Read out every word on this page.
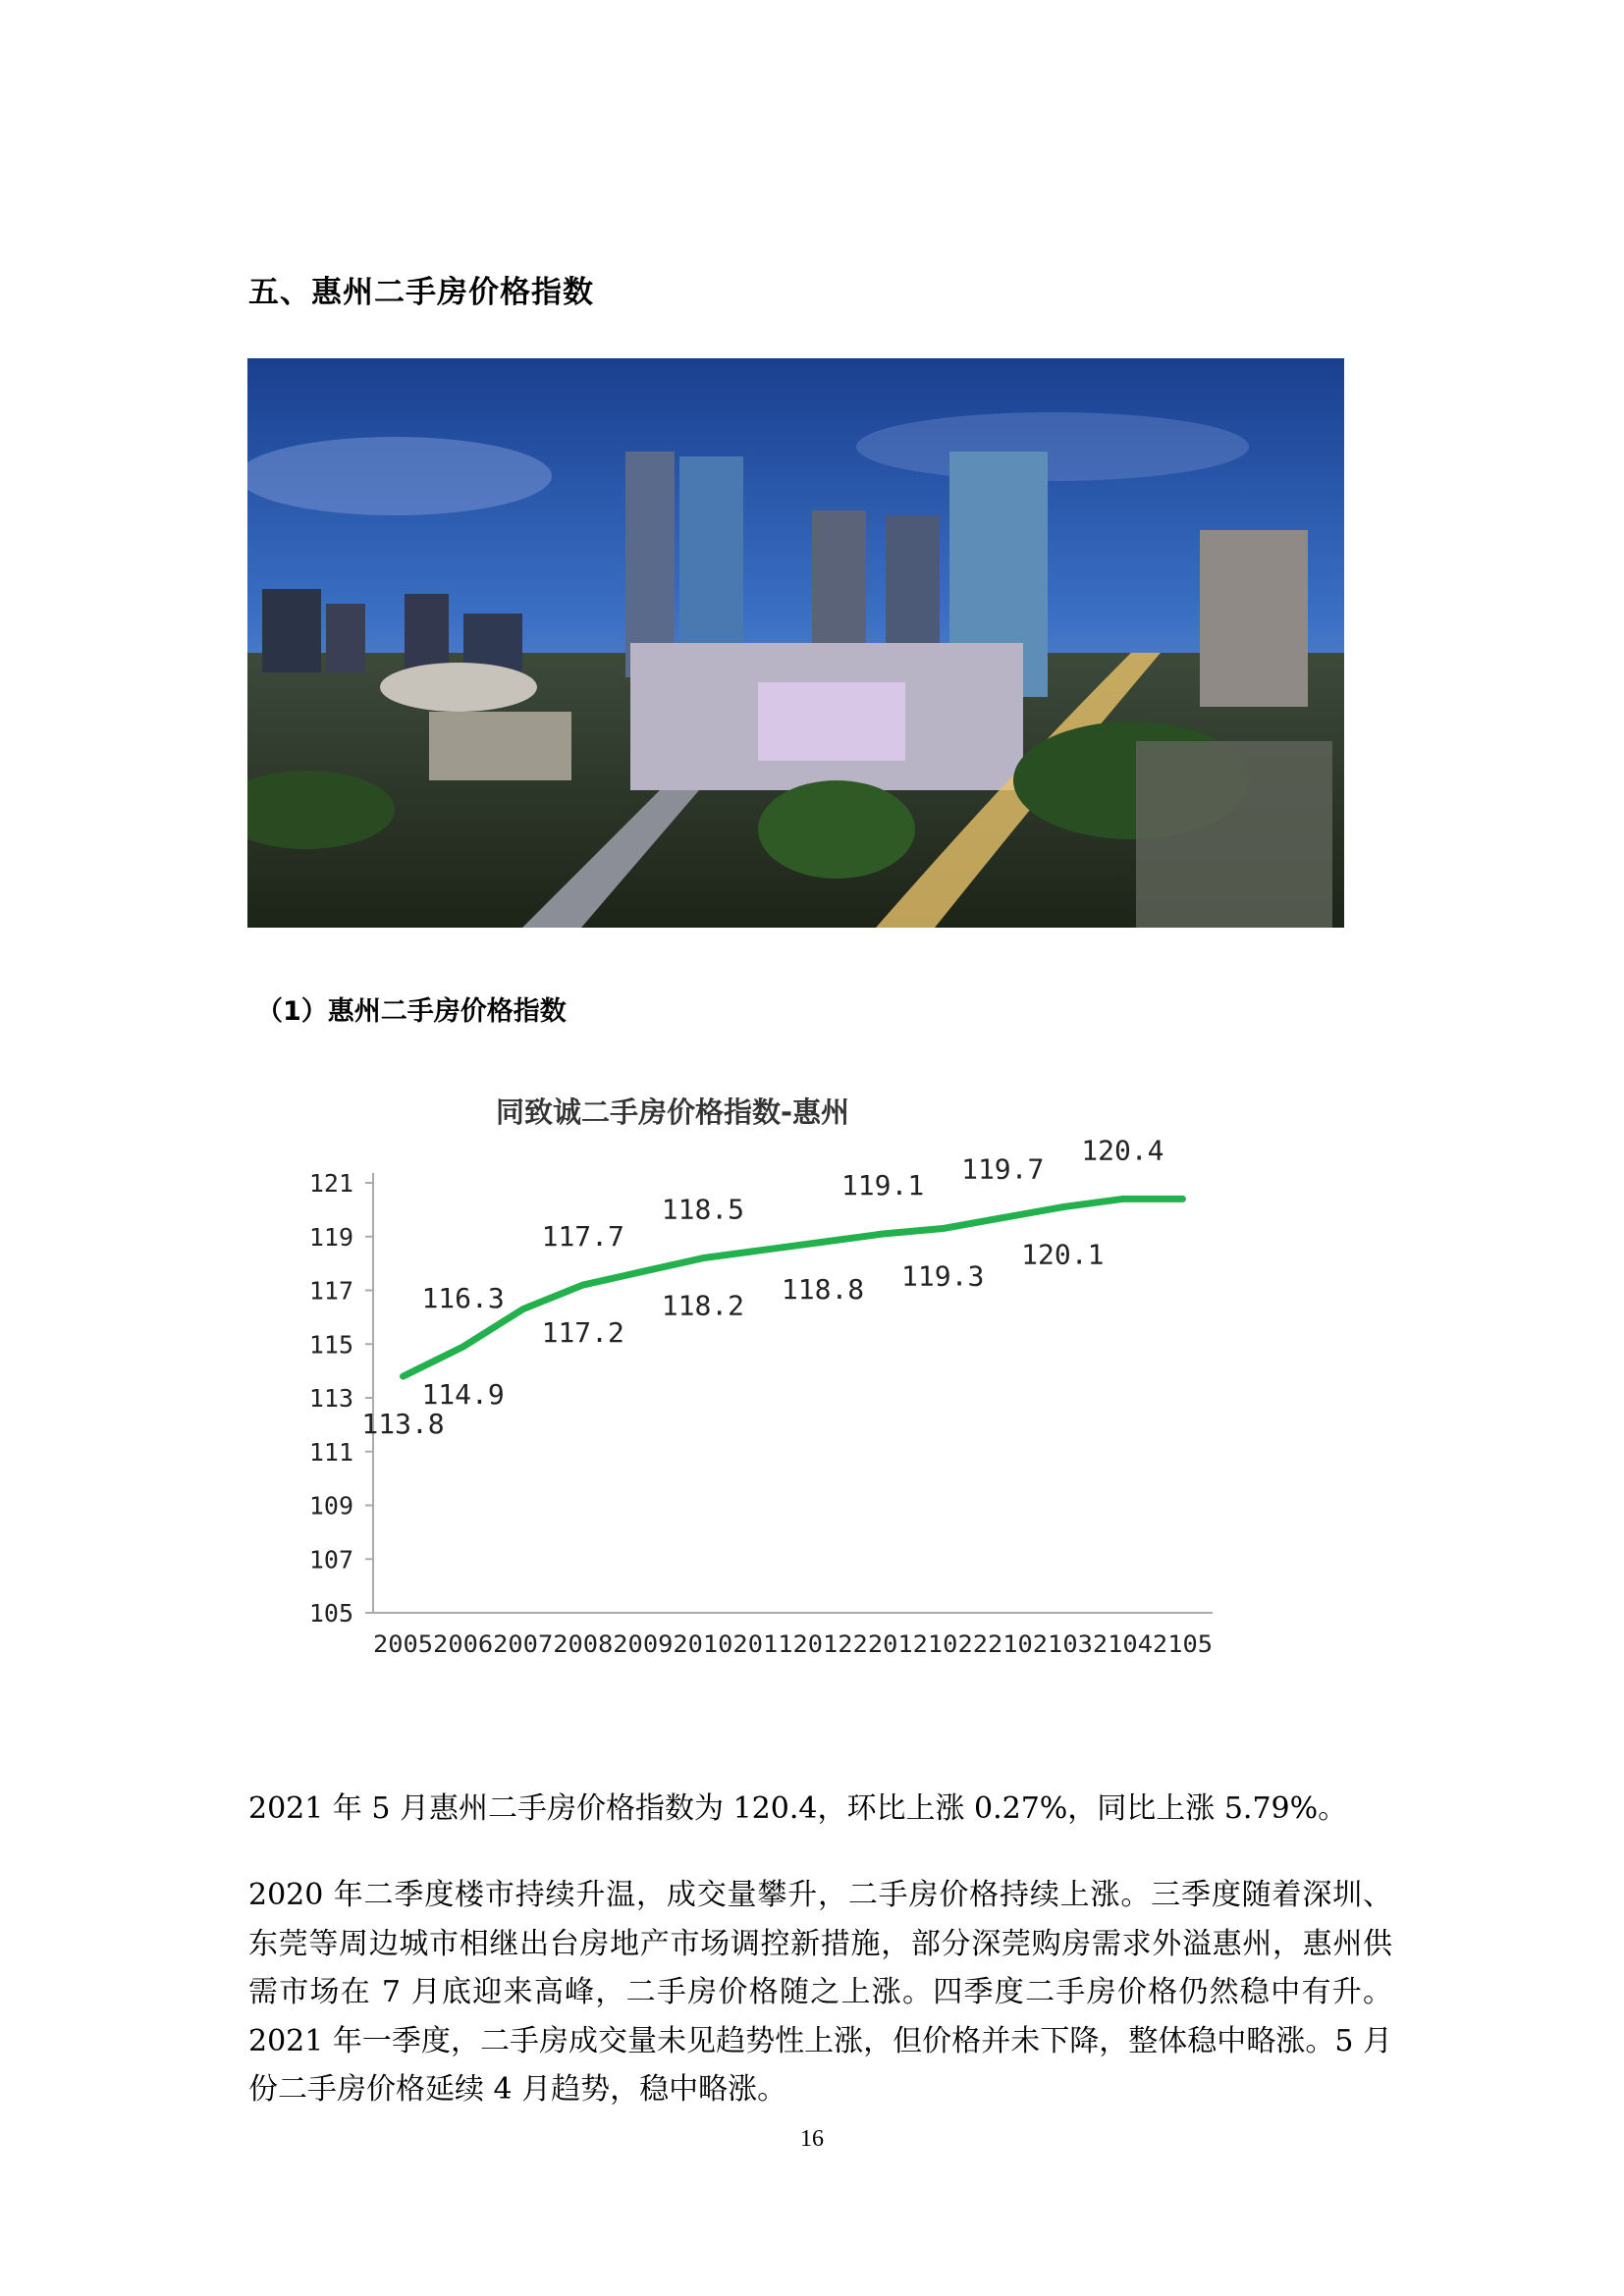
五、惠州二手房价格指数
（1）惠州二手房价格指数
同致诚二手房价格指数-惠州
105
107
109
111
113
115
117
119
121
2005 2006 2007 2008 2009 2010 2011 2012 2201 2102 2210 2103 2104 2105
113.8
114.9
116.3
117.2
117.7
118.2
118.5
118.8
119.1
119.3
119.7
120.1
120.4
2021 年 5 月惠州二手房价格指数为 120.4，环比上涨 0.27%，同比上涨 5.79%。
2020 年二季度楼市持续升温，成交量攀升，二手房价格持续上涨。三季度随着深圳、东莞等周边城市相继出台房地产市场调控新措施，部分深莞购房需求外溢惠州，惠州供需市场在 7 月底迎来高峰，二手房价格随之上涨。四季度二手房价格仍然稳中有升。2021 年一季度，二手房成交量未见趋势性上涨，但价格并未下降，整体稳中略涨。5 月份二手房价格延续 4 月趋势，稳中略涨。
16
